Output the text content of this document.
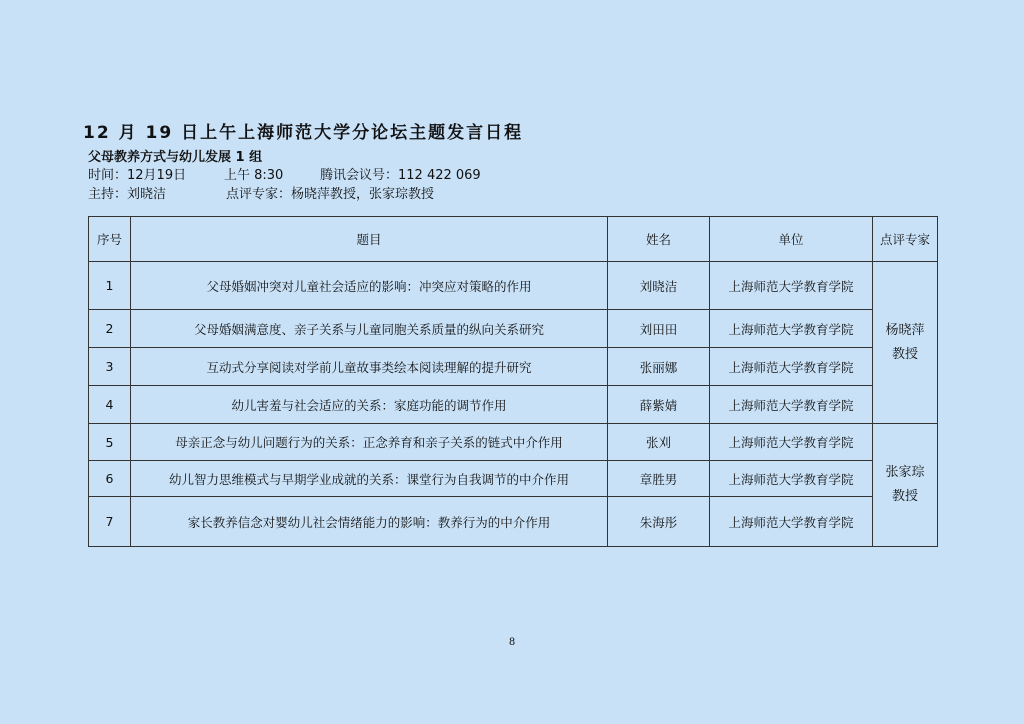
12 月 19 日上午上海师范大学分论坛主题发言日程
父母教养方式与幼儿发展 1 组
时间：12月19日	上午 8:30	腾讯会议号：112 422 069
主持：刘晓洁	点评专家：杨晓萍教授，张家琮教授
序号	题目	姓名	单位	点评专家
1	父母婚姻冲突对儿童社会适应的影响：冲突应对策略的作用	刘晓洁	上海师范大学教育学院	杨晓萍
教授

2	父母婚姻满意度、亲子关系与儿童同胞关系质量的纵向关系研究	刘田田	上海师范大学教育学院	
3	互动式分享阅读对学前儿童故事类绘本阅读理解的提升研究	张丽娜	上海师范大学教育学院	
4	幼儿害羞与社会适应的关系：家庭功能的调节作用	薛紫婧	上海师范大学教育学院	
5	母亲正念与幼儿问题行为的关系：正念养育和亲子关系的链式中介作用	张刈	上海师范大学教育学院	张家琮
教授

6	幼儿智力思维模式与早期学业成就的关系：课堂行为自我调节的中介作用	章胜男	上海师范大学教育学院	
7	家长教养信念对婴幼儿社会情绪能力的影响：教养行为的中介作用	朱海彤	上海师范大学教育学院	
8
